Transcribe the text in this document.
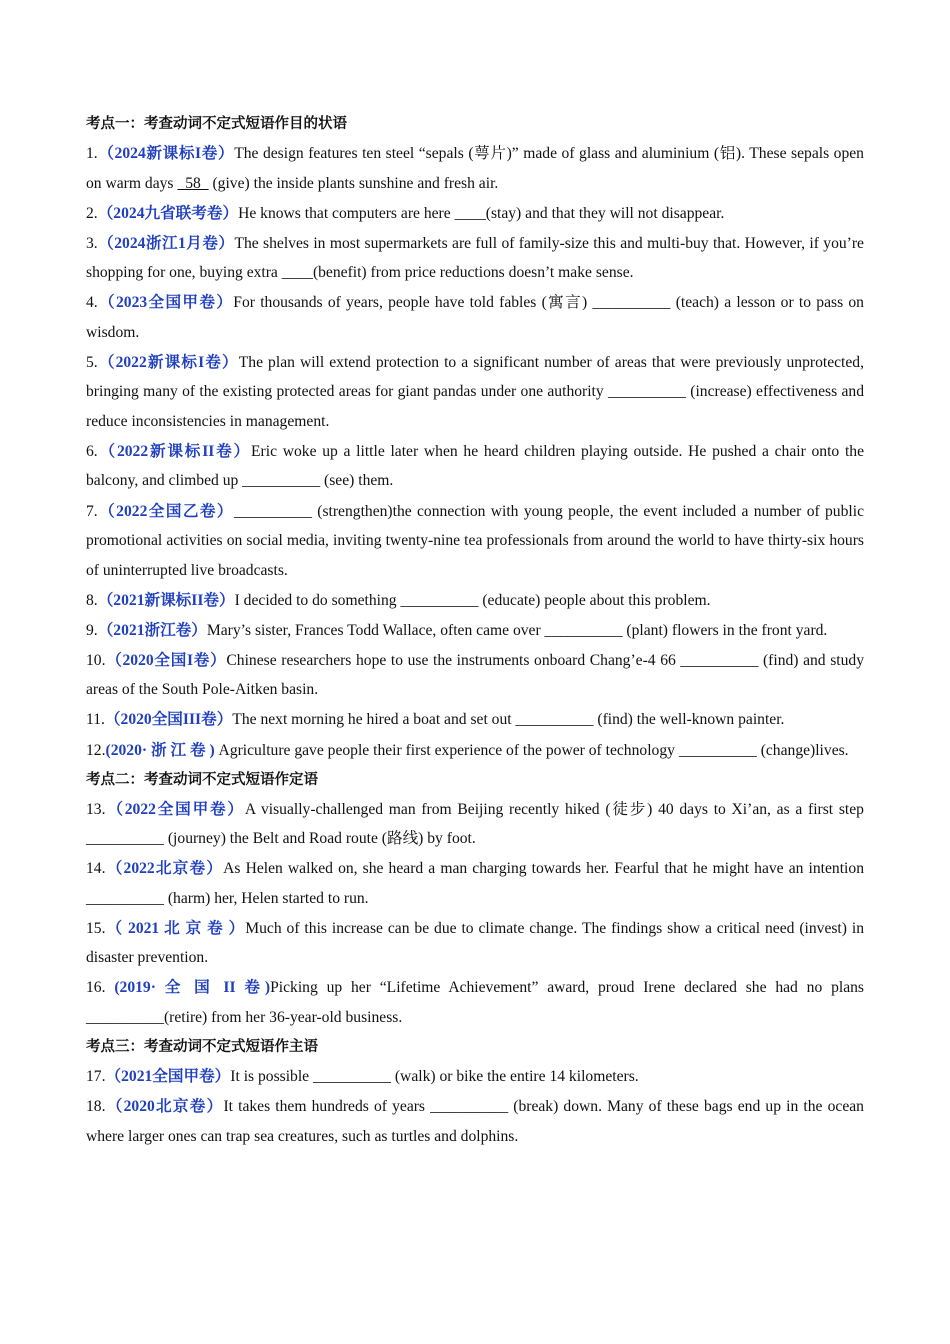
考点一：考查动词不定式短语作目的状语

1.（2024新课标I卷）The design features ten steel “sepals (萼片)” made of glass and aluminium (铝). These sepals open on warm days   58   (give) the inside plants sunshine and fresh air.

2.（2024九省联考卷）He knows that computers are here ____(stay) and that they will not disappear.

3.（2024浙江1月卷）The shelves in most supermarkets are full of family-size this and multi-buy that. However, if you’re shopping for one, buying extra ____(benefit) from price reductions doesn’t make sense.

4.（2023全国甲卷）For thousands of years, people have told fables (寓言) __________ (teach) a lesson or to pass on wisdom.

5.（2022新课标I卷）The plan will extend protection to a significant number of areas that were previously unprotected, bringing many of the existing protected areas for giant pandas under one authority __________ (increase) effectiveness and reduce inconsistencies in management.

6.（2022新课标II卷）Eric woke up a little later when he heard children playing outside. He pushed a chair onto the balcony, and climbed up __________ (see) them.

7.（2022全国乙卷）__________ (strengthen)the connection with young people, the event included a number of public promotional activities on social media, inviting twenty-nine tea professionals from around the world to have thirty-six hours of uninterrupted live broadcasts.

8.（2021新课标II卷）I decided to do something __________ (educate) people about this problem.

9.（2021浙江卷）Mary’s sister, Frances Todd Wallace, often came over __________ (plant) flowers in the front yard.

10.（2020全国I卷）Chinese researchers hope to use the instruments onboard Chang’e-4 66 __________ (find) and study areas of the South Pole-Aitken basin.

11.（2020全国III卷）The next morning he hired a boat and set out __________ (find) the well-known painter.

12.(2020· 浙 江 卷 ) Agriculture gave people their first experience of the power of technology __________ (change)lives.

考点二：考查动词不定式短语作定语

13.（2022全国甲卷）A visually-challenged man from Beijing recently hiked (徒步) 40 days to Xi’an, as a first step __________ (journey) the Belt and Road route (路线) by foot.

14.（2022北京卷）As Helen walked on, she heard a man charging towards her. Fearful that he might have an intention __________ (harm) her, Helen started to run.

15.（ 2021 北 京 卷 ）Much of this increase can be due to climate change. The findings show a critical need (invest) in disaster prevention.

16. (2019· 全 国 II 卷)Picking up her “Lifetime Achievement” award, proud Irene declared she had no plans __________(retire) from her 36-year-old business.

考点三：考查动词不定式短语作主语

17.（2021全国甲卷）It is possible __________ (walk) or bike the entire 14 kilometers.

18.（2020北京卷）It takes them hundreds of years __________ (break) down. Many of these bags end up in the ocean where larger ones can trap sea creatures, such as turtles and dolphins.
